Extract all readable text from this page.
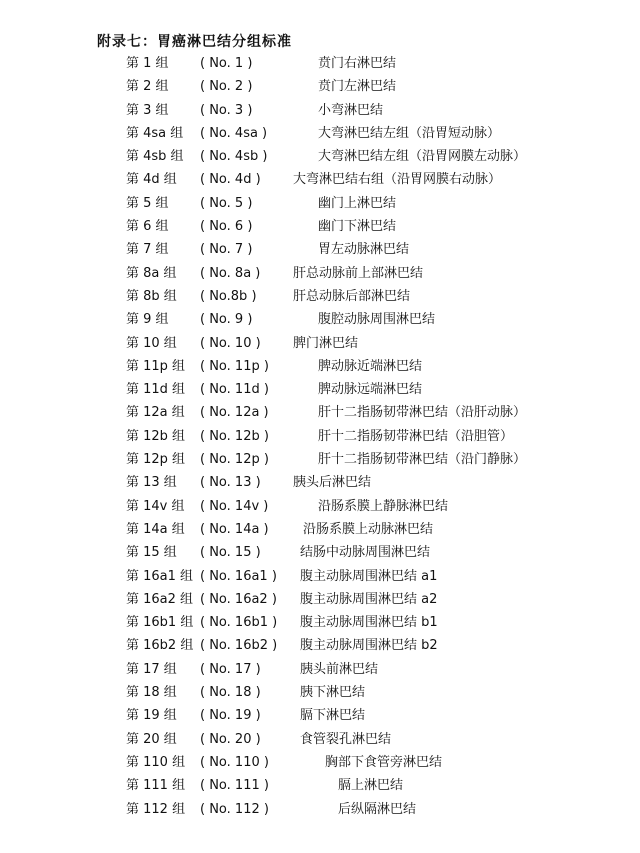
附录七：胃癌淋巴结分组标准
第 1 组 ( No. 1 )	贲门右淋巴结
第 2 组 ( No. 2 )	贲门左淋巴结
第 3 组 ( No. 3 )	小弯淋巴结
第 4sa 组 ( No. 4sa )	大弯淋巴结左组（沿胃短动脉）
第 4sb 组 ( No. 4sb )	大弯淋巴结左组（沿胃网膜左动脉）
第 4d 组 ( No. 4d ) 大弯淋巴结右组（沿胃网膜右动脉）
第 5 组 ( No. 5 )	幽门上淋巴结
第 6 组 ( No. 6 )	幽门下淋巴结
第 7 组 ( No. 7 )	胃左动脉淋巴结
第 8a 组 ( No. 8a )	肝总动脉前上部淋巴结
第 8b 组 ( No.8b )	肝总动脉后部淋巴结
第 9 组 ( No. 9 )	腹腔动脉周围淋巴结
第 10 组 ( No. 10 ) 脾门淋巴结
第 11p 组 ( No. 11p )	脾动脉近端淋巴结
第 11d 组 ( No. 11d )	脾动脉远端淋巴结
第 12a 组 ( No. 12a )	肝十二指肠韧带淋巴结（沿肝动脉）
第 12b 组 ( No. 12b )	肝十二指肠韧带淋巴结（沿胆管）
第 12p 组 ( No. 12p )	肝十二指肠韧带淋巴结（沿门静脉）
第 13 组 ( No. 13 ) 胰头后淋巴结
第 14v 组 ( No. 14v )	沿肠系膜上静脉淋巴结
第 14a 组 ( No. 14a )	沿肠系膜上动脉淋巴结
第 15 组 ( No. 15 )	结肠中动脉周围淋巴结
第 16a1 组 ( No. 16a1 ) 腹主动脉周围淋巴结 a1
第 16a2 组 ( No. 16a2 ) 腹主动脉周围淋巴结 a2
第 16b1 组 ( No. 16b1 ) 腹主动脉周围淋巴结 b1
第 16b2 组 ( No. 16b2 ) 腹主动脉周围淋巴结 b2
第 17 组 ( No. 17 )	胰头前淋巴结
第 18 组 ( No. 18 )	胰下淋巴结
第 19 组 ( No. 19 )	膈下淋巴结
第 20 组 ( No. 20 )	食管裂孔淋巴结
第 110 组 ( No. 110 )	胸部下食管旁淋巴结
第 111 组 ( No. 111 )	膈上淋巴结
第 112 组 ( No. 112 )	后纵隔淋巴结
